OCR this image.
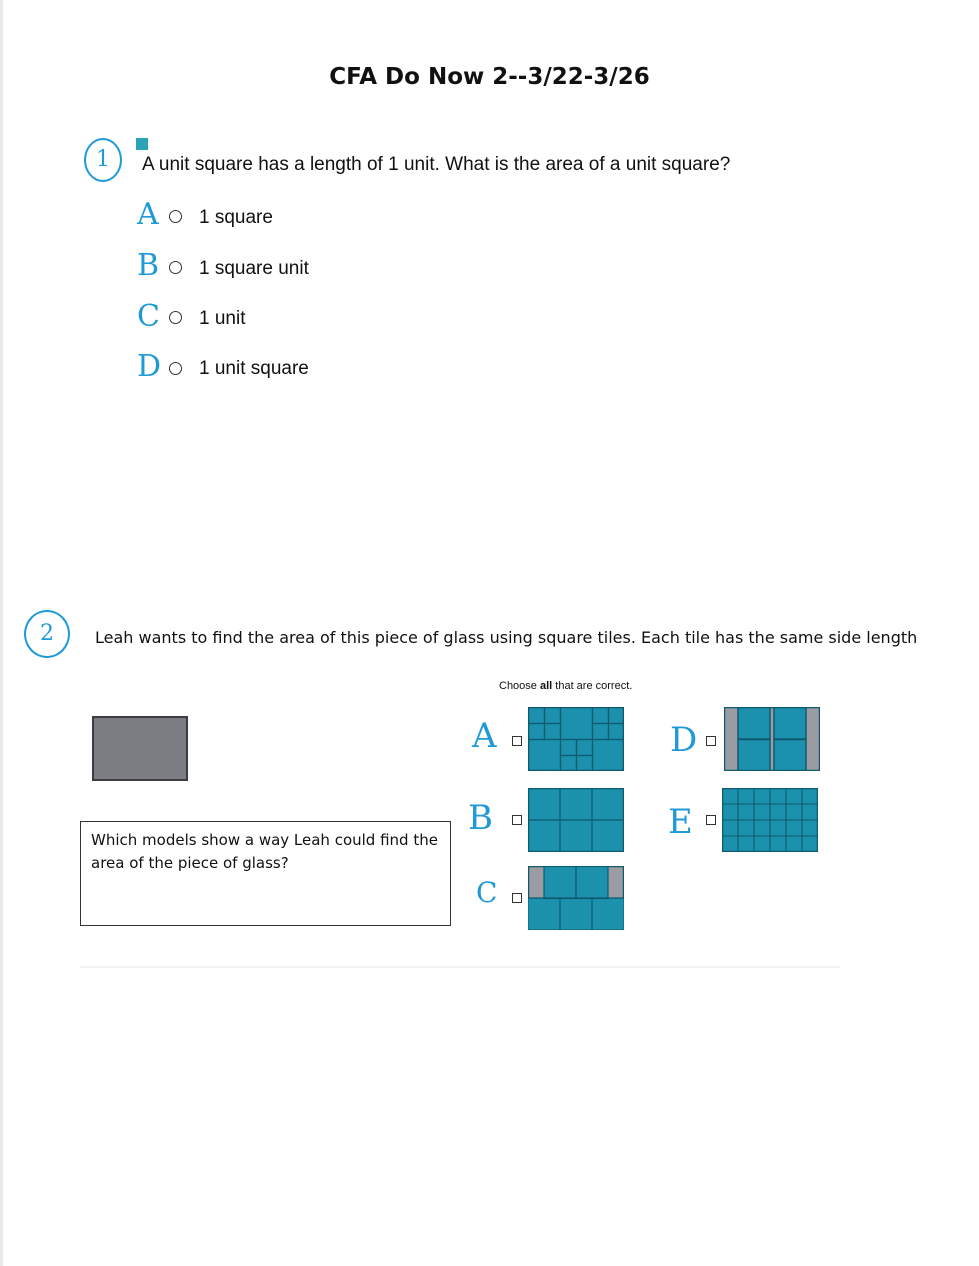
CFA Do Now 2--3/22-3/26
1	A unit square has a length of 1 unit. What is the area of a unit square?
A	1 square
B	1 square unit
C	1 unit
D	1 unit square
2	Leah wants to find the area of this piece of glass using square tiles. Each tile has the same side length
Choose all that are correct.
Which models show a way Leah could find the area of the piece of glass?
A
B
C
D
E
